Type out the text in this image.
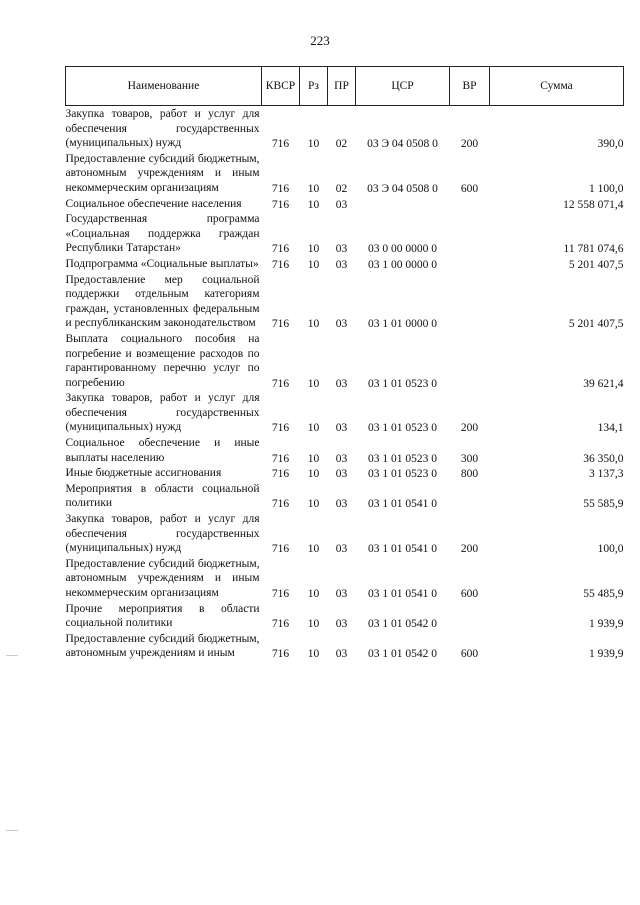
223
Наименование	КВСР	Рз	ПР	ЦСР	ВР	Сумма
Закупка товаров, работ и услуг для обеспечения государственных (муниципальных) нужд	716	10	02	03 Э 04 0508 0	200	390,0
Предоставление субсидий бюджетным, автономным учреждениям и иным некоммерческим организациям	716	10	02	03 Э 04 0508 0	600	1 100,0
Социальное обеспечение населения	716	10	03			12 558 071,4
Государственная программа «Социальная поддержка граждан Республики Татарстан»	716	10	03	03 0 00 0000 0		11 781 074,6
Подпрограмма «Социальные выплаты»	716	10	03	03 1 00 0000 0		5 201 407,5
Предоставление мер социальной поддержки отдельным категориям граждан, установленных федеральным и республиканским законодательством	716	10	03	03 1 01 0000 0		5 201 407,5
Выплата социального пособия на погребение и возмещение расходов по гарантированному перечню услуг по погребению	716	10	03	03 1 01 0523 0		39 621,4
Закупка товаров, работ и услуг для обеспечения государственных (муниципальных) нужд	716	10	03	03 1 01 0523 0	200	134,1
Социальное обеспечение и иные выплаты населению	716	10	03	03 1 01 0523 0	300	36 350,0
Иные бюджетные ассигнования	716	10	03	03 1 01 0523 0	800	3 137,3
Мероприятия в области социальной политики	716	10	03	03 1 01 0541 0		55 585,9
Закупка товаров, работ и услуг для обеспечения государственных (муниципальных) нужд	716	10	03	03 1 01 0541 0	200	100,0
Предоставление субсидий бюджетным, автономным учреждениям и иным некоммерческим организациям	716	10	03	03 1 01 0541 0	600	55 485,9
Прочие мероприятия в области социальной политики	716	10	03	03 1 01 0542 0		1 939,9
Предоставление субсидий бюджетным, автономным учреждениям и иным	716	10	03	03 1 01 0542 0	600	1 939,9
